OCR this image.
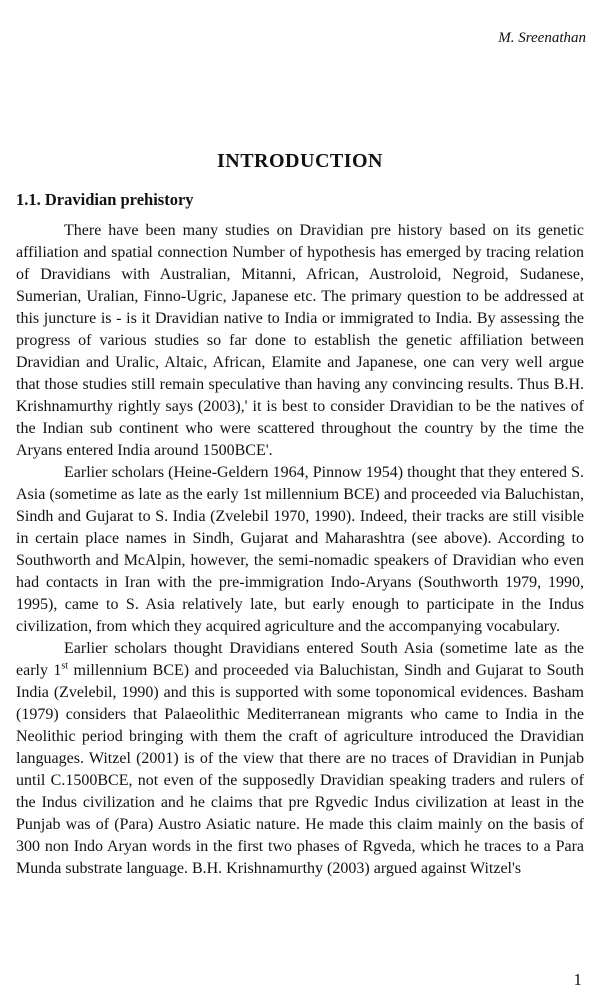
M. Sreenathan
INTRODUCTION
1.1. Dravidian prehistory

There have been many studies on Dravidian pre history based on its genetic affiliation and spatial connection Number of hypothesis has emerged by tracing relation of Dravidians with Australian, Mitanni, African, Austroloid, Negroid, Sudanese, Sumerian, Uralian, Finno-Ugric, Japanese etc. The primary question to be addressed at this juncture is - is it Dravidian native to India or immigrated to India. By assessing the progress of various studies so far done to establish the genetic affiliation between Dravidian and Uralic, Altaic, African, Elamite and Japanese, one can very well argue that those studies still remain speculative than having any convincing results. Thus B.H. Krishnamurthy rightly says (2003),' it is best to consider Dravidian to be the natives of the Indian sub continent who were scattered throughout the country by the time the Aryans entered India around 1500BCE'.

Earlier scholars (Heine-Geldern 1964, Pinnow 1954) thought that they entered S. Asia (sometime as late as the early 1st millennium BCE) and proceeded via Baluchistan, Sindh and Gujarat to S. India (Zvelebil 1970, 1990). Indeed, their tracks are still visible in certain place names in Sindh, Gujarat and Maharashtra (see above). According to Southworth and McAlpin, however, the semi-nomadic speakers of Dravidian who even had contacts in Iran with the pre-immigration Indo-Aryans (Southworth 1979, 1990, 1995), came to S. Asia relatively late, but early enough to participate in the Indus civilization, from which they acquired agriculture and the accompanying vocabulary.

Earlier scholars thought Dravidians entered South Asia (sometime late as the early 1st millennium BCE) and proceeded via Baluchistan, Sindh and Gujarat to South India (Zvelebil, 1990) and this is supported with some toponomical evidences. Basham (1979) considers that Palaeolithic Mediterranean migrants who came to India in the Neolithic period bringing with them the craft of agriculture introduced the Dravidian languages. Witzel (2001) is of the view that there are no traces of Dravidian in Punjab until C.1500BCE, not even of the supposedly Dravidian speaking traders and rulers of the Indus civilization and he claims that pre Rgvedic Indus civilization at least in the Punjab was of (Para) Austro Asiatic nature. He made this claim mainly on the basis of 300 non Indo Aryan words in the first two phases of Rgveda, which he traces to a Para Munda substrate language. B.H. Krishnamurthy (2003) argued against Witzel's

1
